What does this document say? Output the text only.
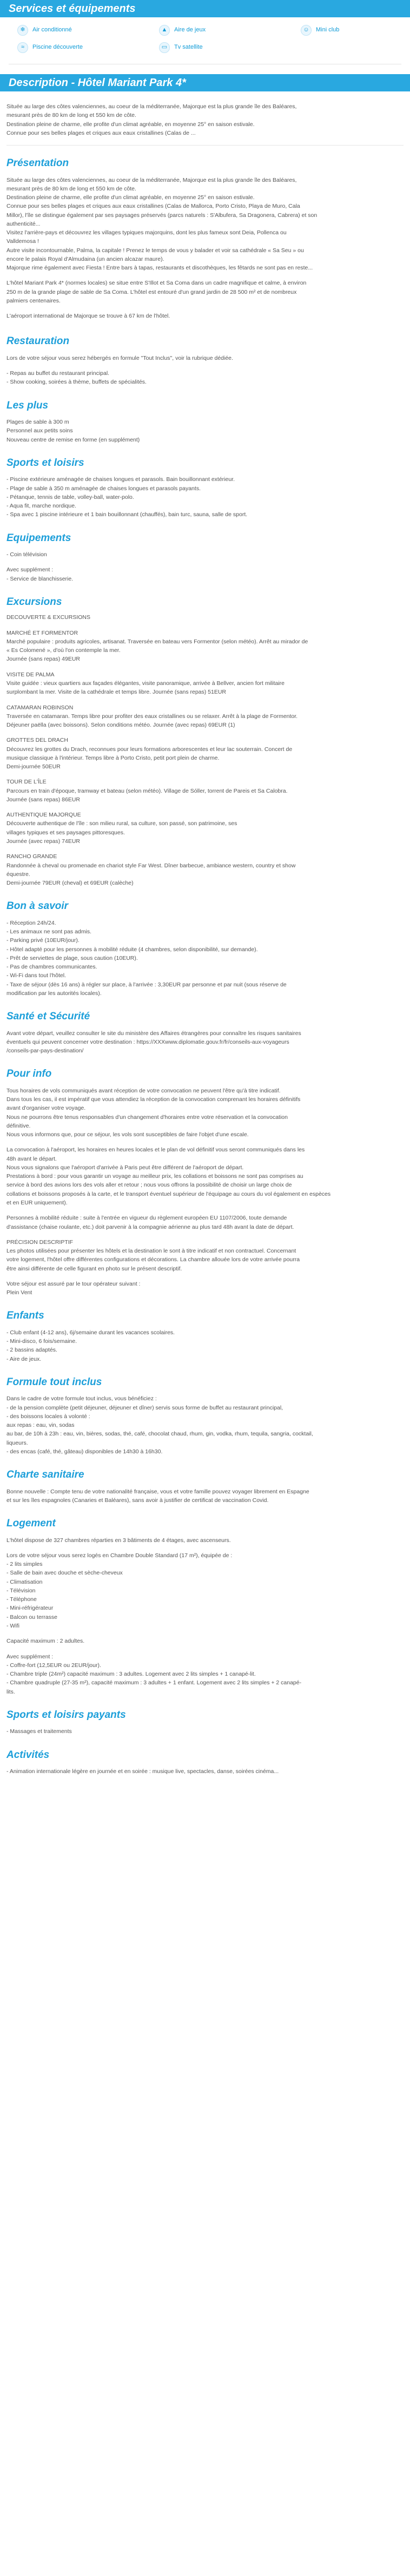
Services et équipements
❄	Air conditionné	▲	Aire de jeux	☺	Mini club
≈	Piscine découverte	▭	Tv satellite
Description - Hôtel Mariant Park 4*

Située au large des côtes valenciennes, au coeur de la méditerranée, Majorque est la plus grande île des Baléares,

mesurant près de 80 km de long et 550 km de côte.

Destination pleine de charme, elle profite d'un climat agréable, en moyenne 25° en saison estivale.

Connue pour ses belles plages et criques aux eaux cristallines (Calas de ...

Présentation

Située au large des côtes valenciennes, au coeur de la méditerranée, Majorque est la plus grande île des Baléares,

mesurant près de 80 km de long et 550 km de côte.

Destination pleine de charme, elle profite d'un climat agréable, en moyenne 25° en saison estivale.

Connue pour ses belles plages et criques aux eaux cristallines (Calas de Mallorca, Porto Cristo, Playa de Muro, Cala

Millor), l'île se distingue également par ses paysages préservés (parcs naturels : S'Albufera, Sa Dragonera, Cabrera) et son

authenticité...

Visitez l'arrière-pays et découvrez les villages typiques majorquins, dont les plus fameux sont Deia, Pollenca ou

Valldemosa !

Autre visite incontournable, Palma, la capitale ! Prenez le temps de vous y balader et voir sa cathédrale « Sa Seu » ou

encore le palais Royal d'Almudaina (un ancien alcazar maure).

Majorque rime également avec Fiesta ! Entre bars à tapas, restaurants et discothèques, les fêtards ne sont pas en reste...

L'hôtel Mariant Park 4* (normes locales) se situe entre S'Illot et Sa Coma dans un cadre magnifique et calme, à environ

250 m de la grande plage de sable de Sa Coma. L'hôtel est entouré d'un grand jardin de 28 500 m² et de nombreux

palmiers centenaires.

L'aéroport international de Majorque se trouve à 67 km de l'hôtel.

Restauration

Lors de votre séjour vous serez hébergés en formule "Tout Inclus", voir la rubrique dédiée.

- Repas au buffet du restaurant principal.

- Show cooking, soirées à thème, buffets de spécialités.

Les plus

Plages de sable à 300 m

Personnel aux petits soins

Nouveau centre de remise en forme (en supplément)

Sports et loisirs

- Piscine extérieure aménagée de chaises longues et parasols. Bain bouillonnant extérieur.

- Plage de sable à 350 m aménagée de chaises longues et parasols payants.

- Pétanque, tennis de table, volley-ball, water-polo.

- Aqua fit, marche nordique.

- Spa avec 1 piscine intérieure et 1 bain bouillonnant (chauffés), bain turc, sauna, salle de sport.

Equipements

- Coin télévision

Avec supplément :

- Service de blanchisserie.

Excursions

DECOUVERTE & EXCURSIONS

MARCHÉ ET FORMENTOR

Marché populaire : produits agricoles, artisanat. Traversée en bateau vers Formentor (selon météo). Arrêt au mirador de

« Es Colomené », d'où l'on contemple la mer.

Journée (sans repas) 49EUR

VISITE DE PALMA

Visite guidée : vieux quartiers aux façades élégantes, visite panoramique, arrivée à Bellver, ancien fort militaire

surplombant la mer. Visite de la cathédrale et temps libre. Journée (sans repas) 51EUR

CATAMARAN ROBINSON

Traversée en catamaran. Temps libre pour profiter des eaux cristallines ou se relaxer. Arrêt à la plage de Formentor.

Déjeuner paëlla (avec boissons). Selon conditions météo. Journée (avec repas) 69EUR (1)

GROTTES DEL DRACH

Découvrez les grottes du Drach, reconnues pour leurs formations arborescentes et leur lac souterrain. Concert de

musique classique à l'intérieur. Temps libre à Porto Cristo, petit port plein de charme.

Demi-journée 50EUR

TOUR DE L'ÎLE

Parcours en train d'époque, tramway et bateau (selon météo). Village de Sóller, torrent de Pareis et Sa Calobra.

Journée (sans repas) 86EUR

AUTHENTIQUE MAJORQUE

Découverte authentique de l'île : son milieu rural, sa culture, son passé, son patrimoine, ses

villages typiques et ses paysages pittoresques.

Journée (avec repas) 74EUR

RANCHO GRANDE

Randonnée à cheval ou promenade en chariot style Far West. Dîner barbecue, ambiance western, country et show

équestre.

Demi-journée 79EUR (cheval) et 69EUR (calèche)

Bon à savoir

- Réception 24h/24.

- Les animaux ne sont pas admis.

- Parking privé (10EUR/jour).

- Hôtel adapté pour les personnes à mobilité réduite (4 chambres, selon disponibilité, sur demande).

- Prêt de serviettes de plage, sous caution (10EUR).

- Pas de chambres communicantes.

- Wi-Fi dans tout l'hôtel.

- Taxe de séjour (dès 16 ans) à régler sur place, à l'arrivée : 3,30EUR par personne et par nuit (sous réserve de

modification par les autorités locales).

Santé et Sécurité

Avant votre départ, veuillez consulter le site du ministère des Affaires étrangères pour connaître les risques sanitaires

éventuels qui peuvent concerner votre destination : https://XXXwww.diplomatie.gouv.fr/fr/conseils-aux-voyageurs

/conseils-par-pays-destination/

Pour info

Tous horaires de vols communiqués avant réception de votre convocation ne peuvent l'être qu'à titre indicatif.

Dans tous les cas, il est impératif que vous attendiez la réception de la convocation comprenant les horaires définitifs

avant d'organiser votre voyage.

Nous ne pourrons être tenus responsables d'un changement d'horaires entre votre réservation et la convocation

définitive.

Nous vous informons que, pour ce séjour, les vols sont susceptibles de faire l'objet d'une escale.

La convocation à l'aéroport, les horaires en heures locales et le plan de vol définitif vous seront communiqués dans les

48h avant le départ.

Nous vous signalons que l'aéroport d'arrivée à Paris peut être différent de l'aéroport de départ.

Prestations à bord : pour vous garantir un voyage au meilleur prix, les collations et boissons ne sont pas comprises au

service à bord des avions lors des vols aller et retour ; nous vous offrons la possibilité de choisir un large choix de

collations et boissons proposés à la carte, et le transport éventuel supérieur de l'équipage au cours du vol également en espèces

et en EUR uniquement).

Personnes à mobilité réduite : suite à l'entrée en vigueur du règlement européen EU 1107/2006, toute demande

d'assistance (chaise roulante, etc.) doit parvenir à la compagnie aérienne au plus tard 48h avant la date de départ.

PRÉCISION DESCRIPTIF

Les photos utilisées pour présenter les hôtels et la destination le sont à titre indicatif et non contractuel. Concernant

votre logement, l'hôtel offre différentes configurations et décorations. La chambre allouée lors de votre arrivée pourra

être ainsi différente de celle figurant en photo sur le présent descriptif.

Votre séjour est assuré par le tour opérateur suivant :

Plein Vent

Enfants

- Club enfant (4-12 ans), 6j/semaine durant les vacances scolaires.

- Mini-disco, 6 fois/semaine.

- 2 bassins adaptés.

- Aire de jeux.

Formule tout inclus

Dans le cadre de votre formule tout inclus, vous bénéficiez :

- de la pension complète (petit déjeuner, déjeuner et dîner) servis sous forme de buffet au restaurant principal,

- des boissons locales à volonté :

aux repas : eau, vin, sodas

au bar, de 10h à 23h : eau, vin, bières, sodas, thé, café, chocolat chaud, rhum, gin, vodka, rhum, tequila, sangria, cocktail,

liqueurs.

- des encas (café, thé, gâteau) disponibles de 14h30 à 16h30.

Charte sanitaire

Bonne nouvelle : Compte tenu de votre nationalité française, vous et votre famille pouvez voyager librement en Espagne

et sur les îles espagnoles (Canaries et Baléares), sans avoir à justifier de certificat de vaccination Covid.

Logement

L'hôtel dispose de 327 chambres réparties en 3 bâtiments de 4 étages, avec ascenseurs.

Lors de votre séjour vous serez logés en Chambre Double Standard (17 m²), équipée de :

- 2 lits simples

- Salle de bain avec douche et sèche-cheveux

- Climatisation

- Télévision

- Téléphone

- Mini-réfrigérateur

- Balcon ou terrasse

- Wifi

Capacité maximum : 2 adultes.

Avec supplément :

- Coffre-fort (12,5EUR ou 2EUR/jour).

- Chambre triple (24m²) capacité maximum : 3 adultes. Logement avec 2 lits simples + 1 canapé-lit.

- Chambre quadruple (27-35 m²), capacité maximum : 3 adultes + 1 enfant. Logement avec 2 lits simples + 2 canapé-

lits.

Sports et loisirs payants

- Massages et traitements

Activités

- Animation internationale légère en journée et en soirée : musique live, spectacles, danse, soirées cinéma...
